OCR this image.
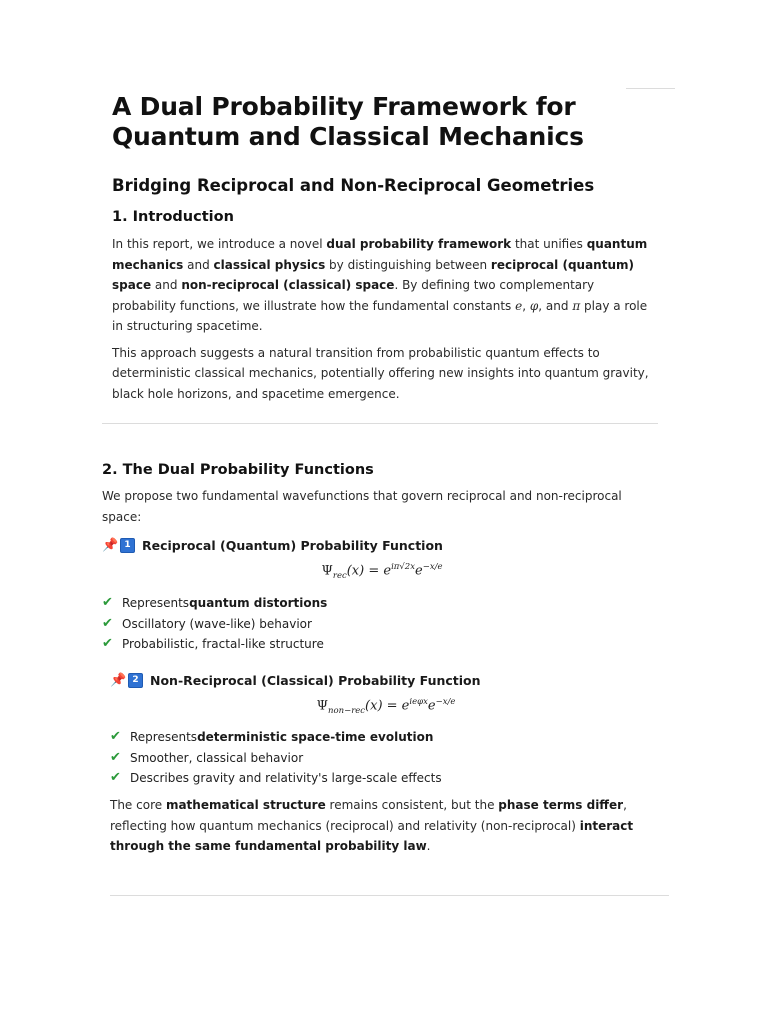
A Dual Probability Framework for
Quantum and Classical Mechanics
Bridging Reciprocal and Non-Reciprocal Geometries
1. Introduction

In this report, we introduce a novel dual probability framework that unifies quantum mechanics and classical physics by distinguishing between reciprocal (quantum) space and non-reciprocal (classical) space. By defining two complementary probability functions, we illustrate how the fundamental constants e, φ, and π play a role in structuring spacetime.

This approach suggests a natural transition from probabilistic quantum effects to deterministic classical mechanics, potentially offering new insights into quantum gravity, black hole horizons, and spacetime emergence.

2. The Dual Probability Functions

We propose two fundamental wavefunctions that govern reciprocal and non-reciprocal space:

📌 1 Reciprocal (Quantum) Probability Function
$\Psi_{rec}(x) = e^{i\pi√2x}e^{-x/e}$
✔ Represents quantum distortions
✔ Oscillatory (wave-like) behavior
✔ Probabilistic, fractal-like structure
📌 2 Non-Reciprocal (Classical) Probability Function
$\Psi_{non-rec}(x) = e^{ie\varphi x}e^{-x/e}$
✔ Represents deterministic space-time evolution
✔ Smoother, classical behavior
✔ Describes gravity and relativity's large-scale effects

The core mathematical structure remains consistent, but the phase terms differ, reflecting how quantum mechanics (reciprocal) and relativity (non-reciprocal) interact through the same fundamental probability law.
